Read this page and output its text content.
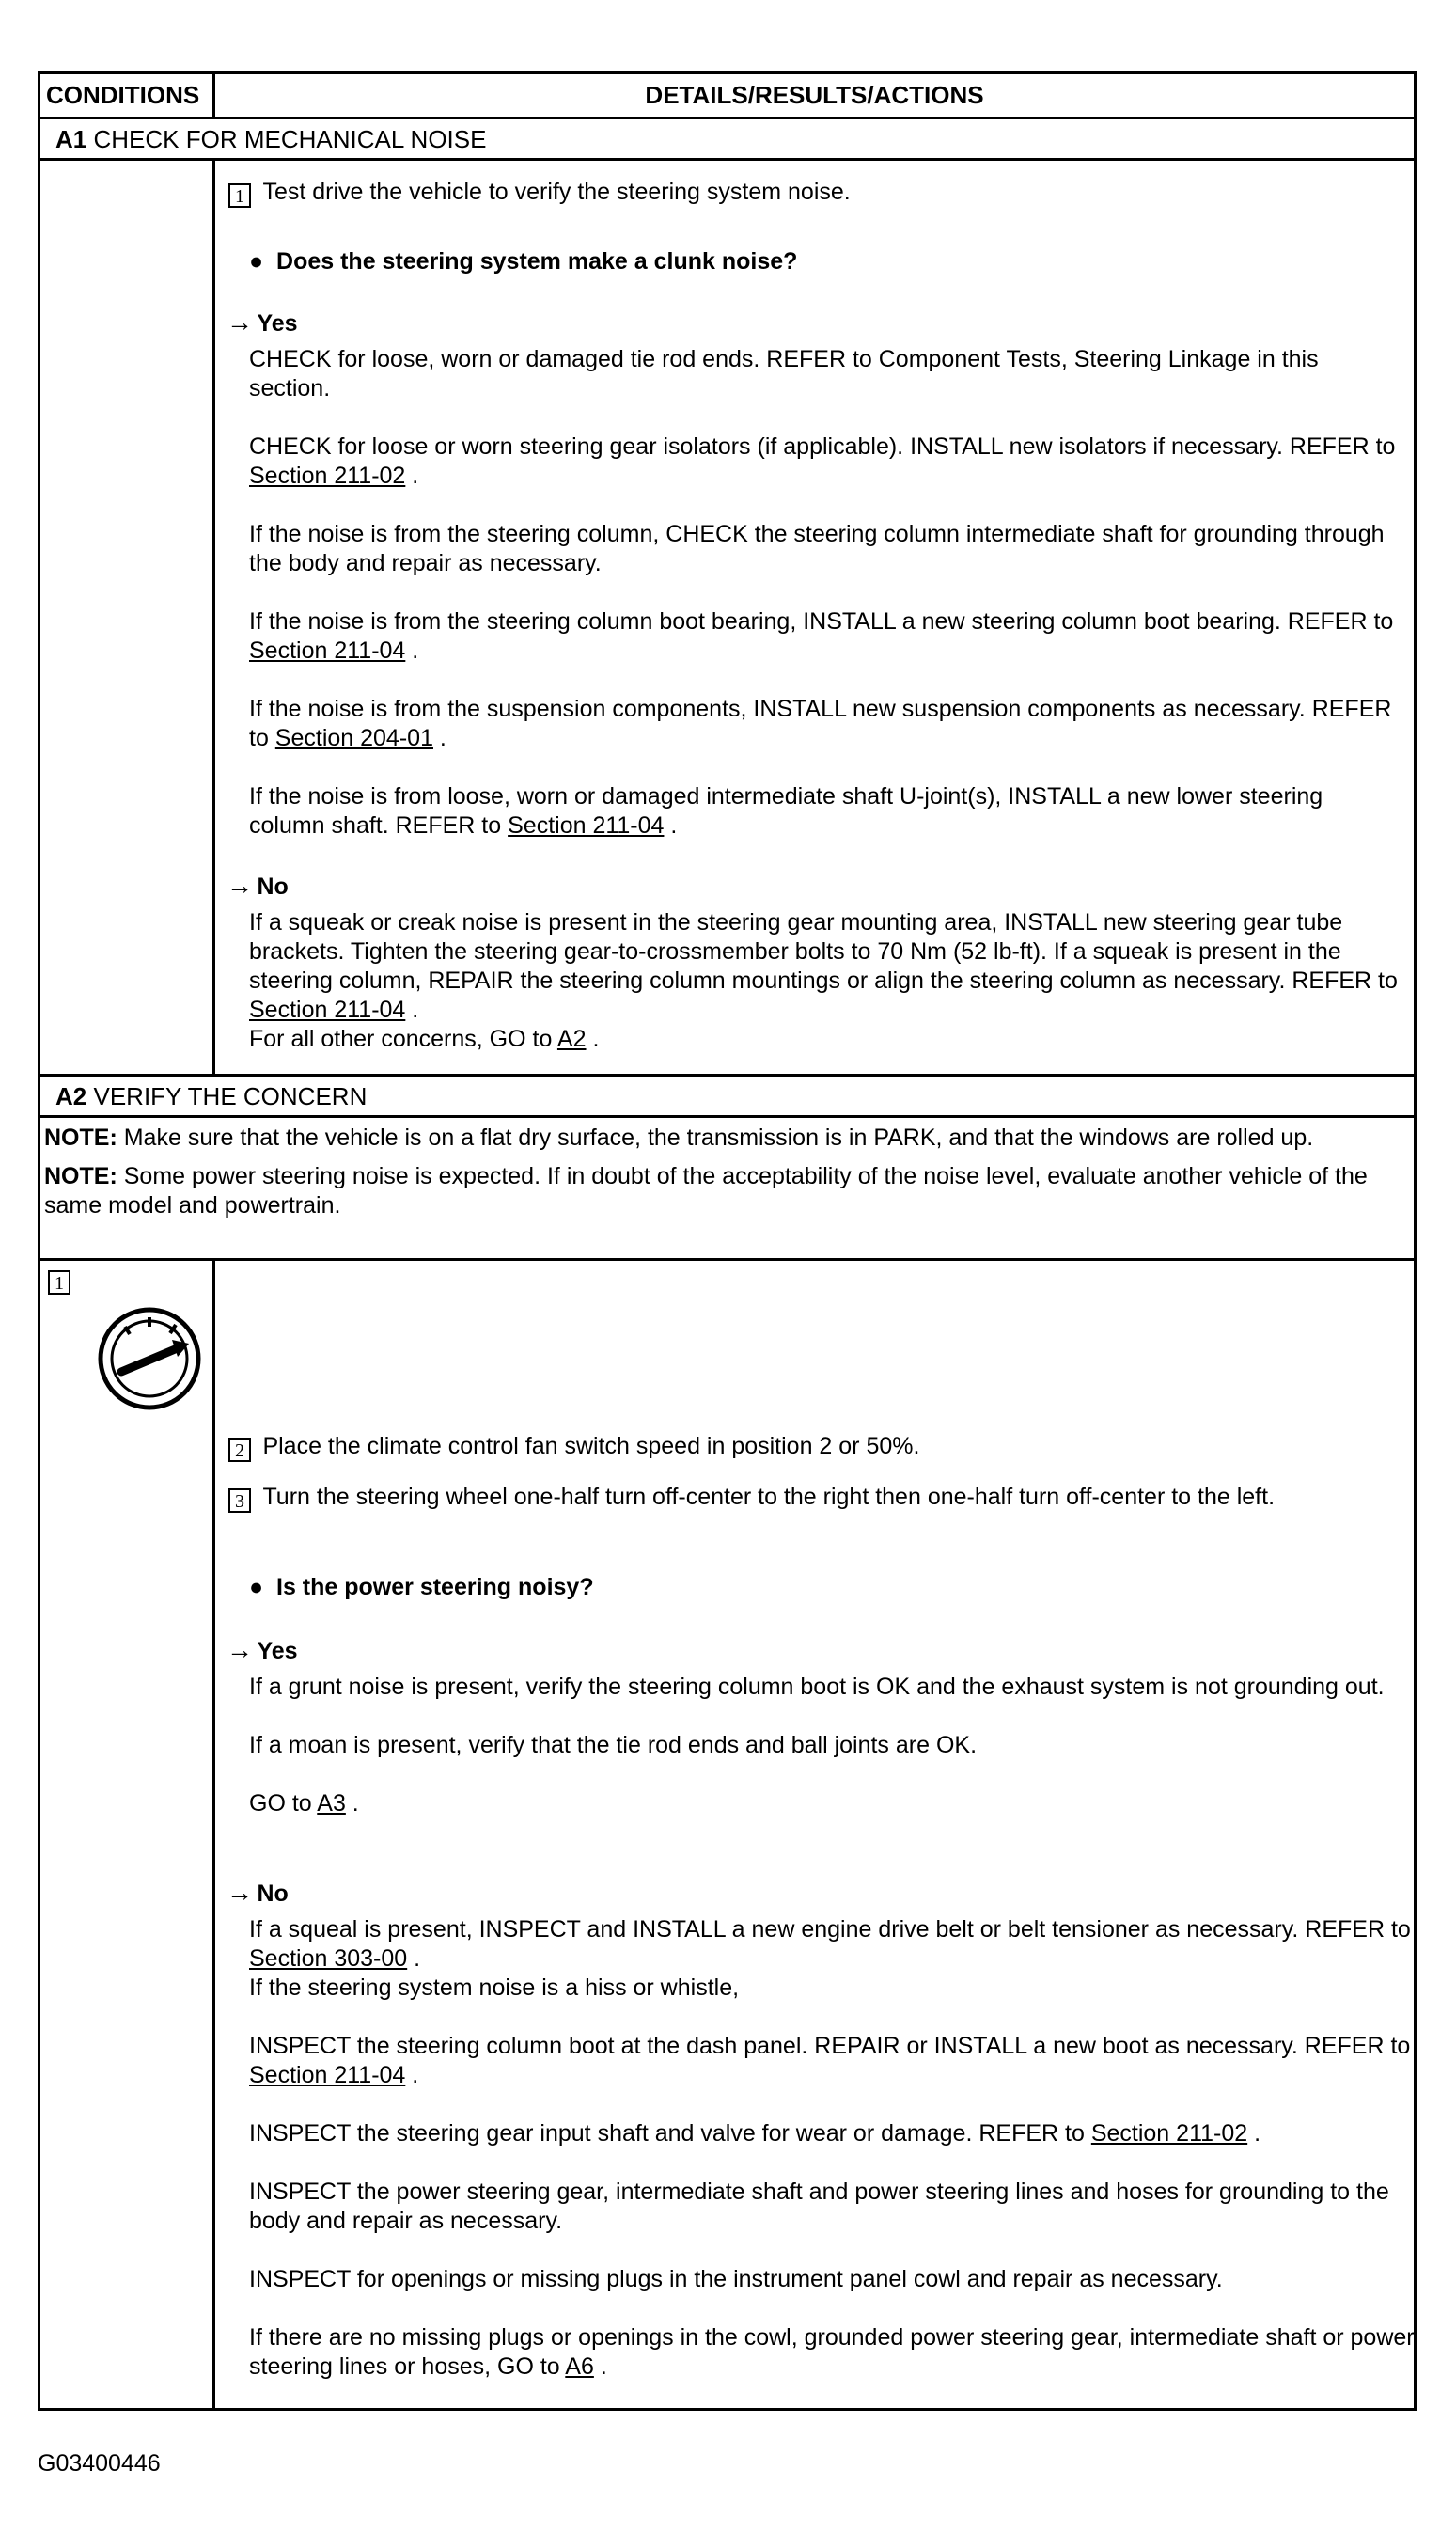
CONDITIONS	DETAILS/RESULTS/ACTIONS
A1 CHECK FOR MECHANICAL NOISE
1 Test drive the vehicle to verify the steering system noise.
● Does the steering system make a clunk noise?
→ Yes

CHECK for loose, worn or damaged tie rod ends. REFER to Component Tests, Steering Linkage in this section.

CHECK for loose or worn steering gear isolators (if applicable). INSTALL new isolators if necessary. REFER to Section 211-02 .

If the noise is from the steering column, CHECK the steering column intermediate shaft for grounding through the body and repair as necessary.

If the noise is from the steering column boot bearing, INSTALL a new steering column boot bearing. REFER to Section 211-04 .

If the noise is from the suspension components, INSTALL new suspension components as necessary. REFER to Section 204-01 .

If the noise is from loose, worn or damaged intermediate shaft U-joint(s), INSTALL a new lower steering column shaft. REFER to Section 211-04 .

→ No

If a squeak or creak noise is present in the steering gear mounting area, INSTALL new steering gear tube brackets. Tighten the steering gear-to-crossmember bolts to 70 Nm (52 lb-ft). If a squeak is present in the steering column, REPAIR the steering column mountings or align the steering column as necessary. REFER to Section 211-04 .

For all other concerns, GO to A2 .

A2 VERIFY THE CONCERN

NOTE: Make sure that the vehicle is on a flat dry surface, the transmission is in PARK, and that the windows are rolled up.

NOTE: Some power steering noise is expected. If in doubt of the acceptability of the noise level, evaluate another vehicle of the same model and powertrain.

1
2 Place the climate control fan switch speed in position 2 or 50%.
3 Turn the steering wheel one-half turn off-center to the right then one-half turn off-center to the left.
● Is the power steering noisy?
→ Yes

If a grunt noise is present, verify the steering column boot is OK and the exhaust system is not grounding out.

If a moan is present, verify that the tie rod ends and ball joints are OK.

GO to A3 .

→ No

If a squeal is present, INSPECT and INSTALL a new engine drive belt or belt tensioner as necessary. REFER to Section 303-00 .

If the steering system noise is a hiss or whistle,

INSPECT the steering column boot at the dash panel. REPAIR or INSTALL a new boot as necessary. REFER to Section 211-04 .

INSPECT the steering gear input shaft and valve for wear or damage. REFER to Section 211-02 .

INSPECT the power steering gear, intermediate shaft and power steering lines and hoses for grounding to the body and repair as necessary.

INSPECT for openings or missing plugs in the instrument panel cowl and repair as necessary.

If there are no missing plugs or openings in the cowl, grounded power steering gear, intermediate shaft or power steering lines or hoses, GO to A6 .

G03400446
